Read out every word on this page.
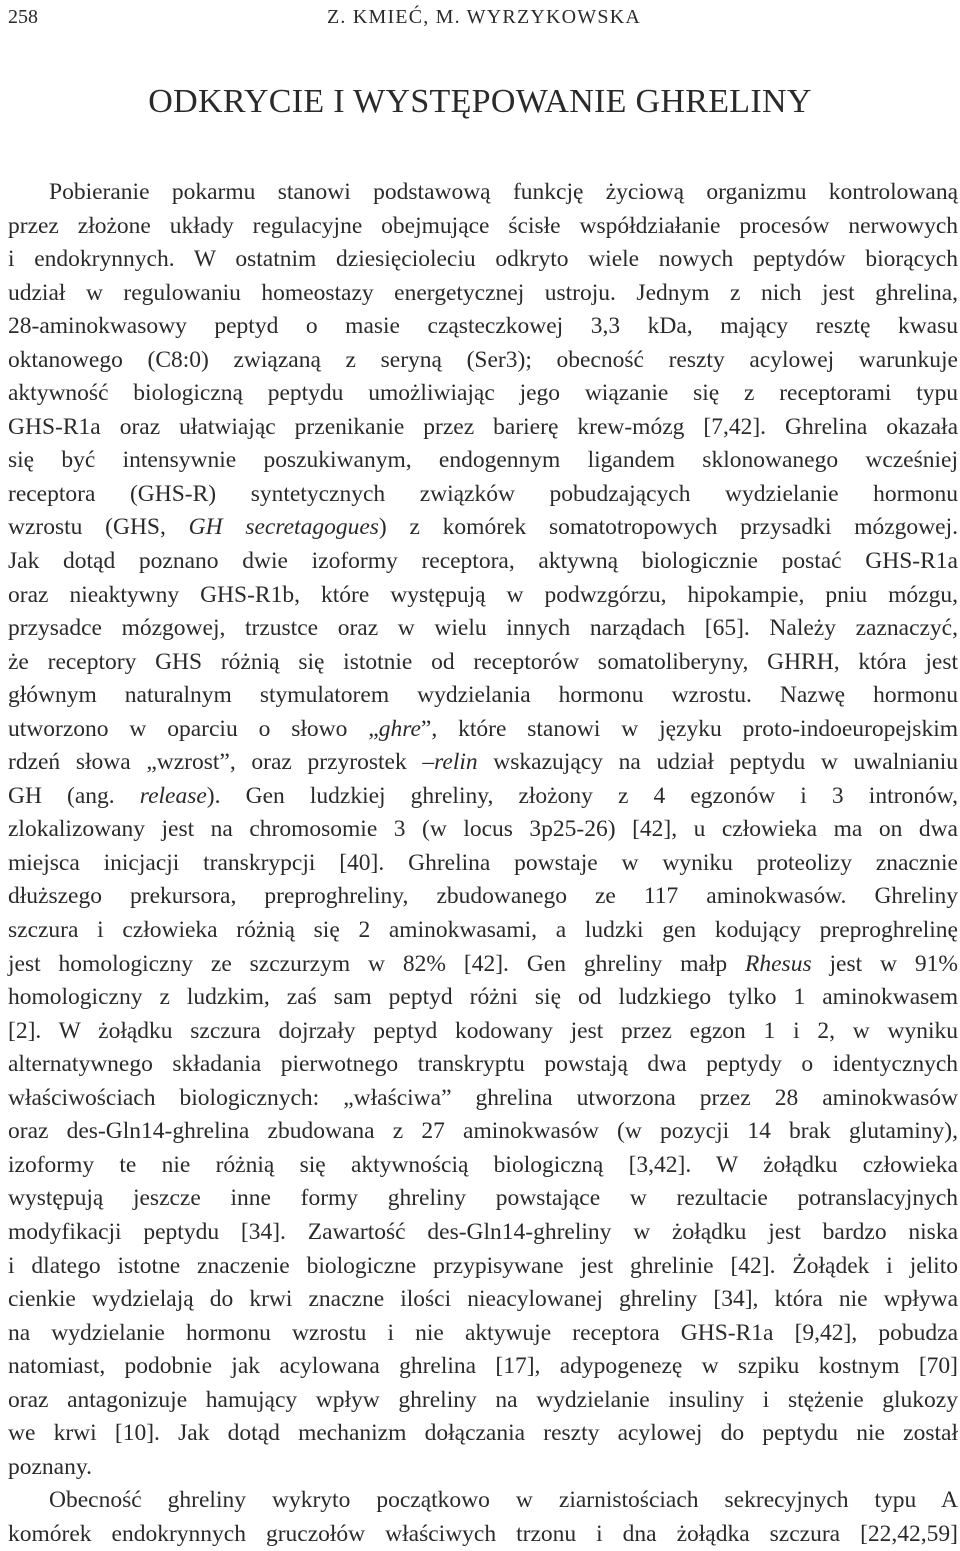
258	Z. KMIEĆ, M. WYRZYKOWSKA
ODKRYCIE I WYSTĘPOWANIE GHRELINY
Pobieranie pokarmu stanowi podstawową funkcję życiową organizmu kontrolowaną
przez złożone układy regulacyjne obejmujące ścisłe współdziałanie procesów nerwowych
i endokrynnych. W ostatnim dziesięcioleciu odkryto wiele nowych peptydów biorących
udział w regulowaniu homeostazy energetycznej ustroju. Jednym z nich jest ghrelina,
28-aminokwasowy peptyd o masie cząsteczkowej 3,3 kDa, mający resztę kwasu
oktanowego (C8:0) związaną z seryną (Ser3); obecność reszty acylowej warunkuje
aktywność biologiczną peptydu umożliwiając jego wiązanie się z receptorami typu
GHS-R1a oraz ułatwiając przenikanie przez barierę krew-mózg [7,42]. Ghrelina okazała
się być intensywnie poszukiwanym, endogennym ligandem sklonowanego wcześniej
receptora (GHS-R) syntetycznych związków pobudzających wydzielanie hormonu
wzrostu (GHS, GH secretagogues) z komórek somatotropowych przysadki mózgowej.
Jak dotąd poznano dwie izoformy receptora, aktywną biologicznie postać GHS-R1a
oraz nieaktywny GHS-R1b, które występują w podwzgórzu, hipokampie, pniu mózgu,
przysadce mózgowej, trzustce oraz w wielu innych narządach [65]. Należy zaznaczyć,
że receptory GHS różnią się istotnie od receptorów somatoliberyny, GHRH, która jest
głównym naturalnym stymulatorem wydzielania hormonu wzrostu. Nazwę hormonu
utworzono w oparciu o słowo „ghre”, które stanowi w języku proto-indoeuropejskim
rdzeń słowa „wzrost”, oraz przyrostek –relin wskazujący na udział peptydu w uwalnianiu
GH (ang. release). Gen ludzkiej ghreliny, złożony z 4 egzonów i 3 intronów,
zlokalizowany jest na chromosomie 3 (w locus 3p25-26) [42], u człowieka ma on dwa
miejsca inicjacji transkrypcji [40]. Ghrelina powstaje w wyniku proteolizy znacznie
dłuższego prekursora, preproghreliny, zbudowanego ze 117 aminokwasów. Ghreliny
szczura i człowieka różnią się 2 aminokwasami, a ludzki gen kodujący preproghrelinę
jest homologiczny ze szczurzym w 82% [42]. Gen ghreliny małp Rhesus jest w 91%
homologiczny z ludzkim, zaś sam peptyd różni się od ludzkiego tylko 1 aminokwasem
[2]. W żołądku szczura dojrzały peptyd kodowany jest przez egzon 1 i 2, w wyniku
alternatywnego składania pierwotnego transkryptu powstają dwa peptydy o identycznych
właściwościach biologicznych: „właściwa” ghrelina utworzona przez 28 aminokwasów
oraz des-Gln14-ghrelina zbudowana z 27 aminokwasów (w pozycji 14 brak glutaminy),
izoformy te nie różnią się aktywnością biologiczną [3,42]. W żołądku człowieka
występują jeszcze inne formy ghreliny powstające w rezultacie potranslacyjnych
modyfikacji peptydu [34]. Zawartość des-Gln14-ghreliny w żołądku jest bardzo niska
i dlatego istotne znaczenie biologiczne przypisywane jest ghrelinie [42]. Żołądek i jelito
cienkie wydzielają do krwi znaczne ilości nieacylowanej ghreliny [34], która nie wpływa
na wydzielanie hormonu wzrostu i nie aktywuje receptora GHS-R1a [9,42], pobudza
natomiast, podobnie jak acylowana ghrelina [17], adypogenezę w szpiku kostnym [70]
oraz antagonizuje hamujący wpływ ghreliny na wydzielanie insuliny i stężenie glukozy
we krwi [10]. Jak dotąd mechanizm dołączania reszty acylowej do peptydu nie został
poznany.
Obecność ghreliny wykryto początkowo w ziarnistościach sekrecyjnych typu A
komórek endokrynnych gruczołów właściwych trzonu i dna żołądka szczura [22,42,59]
